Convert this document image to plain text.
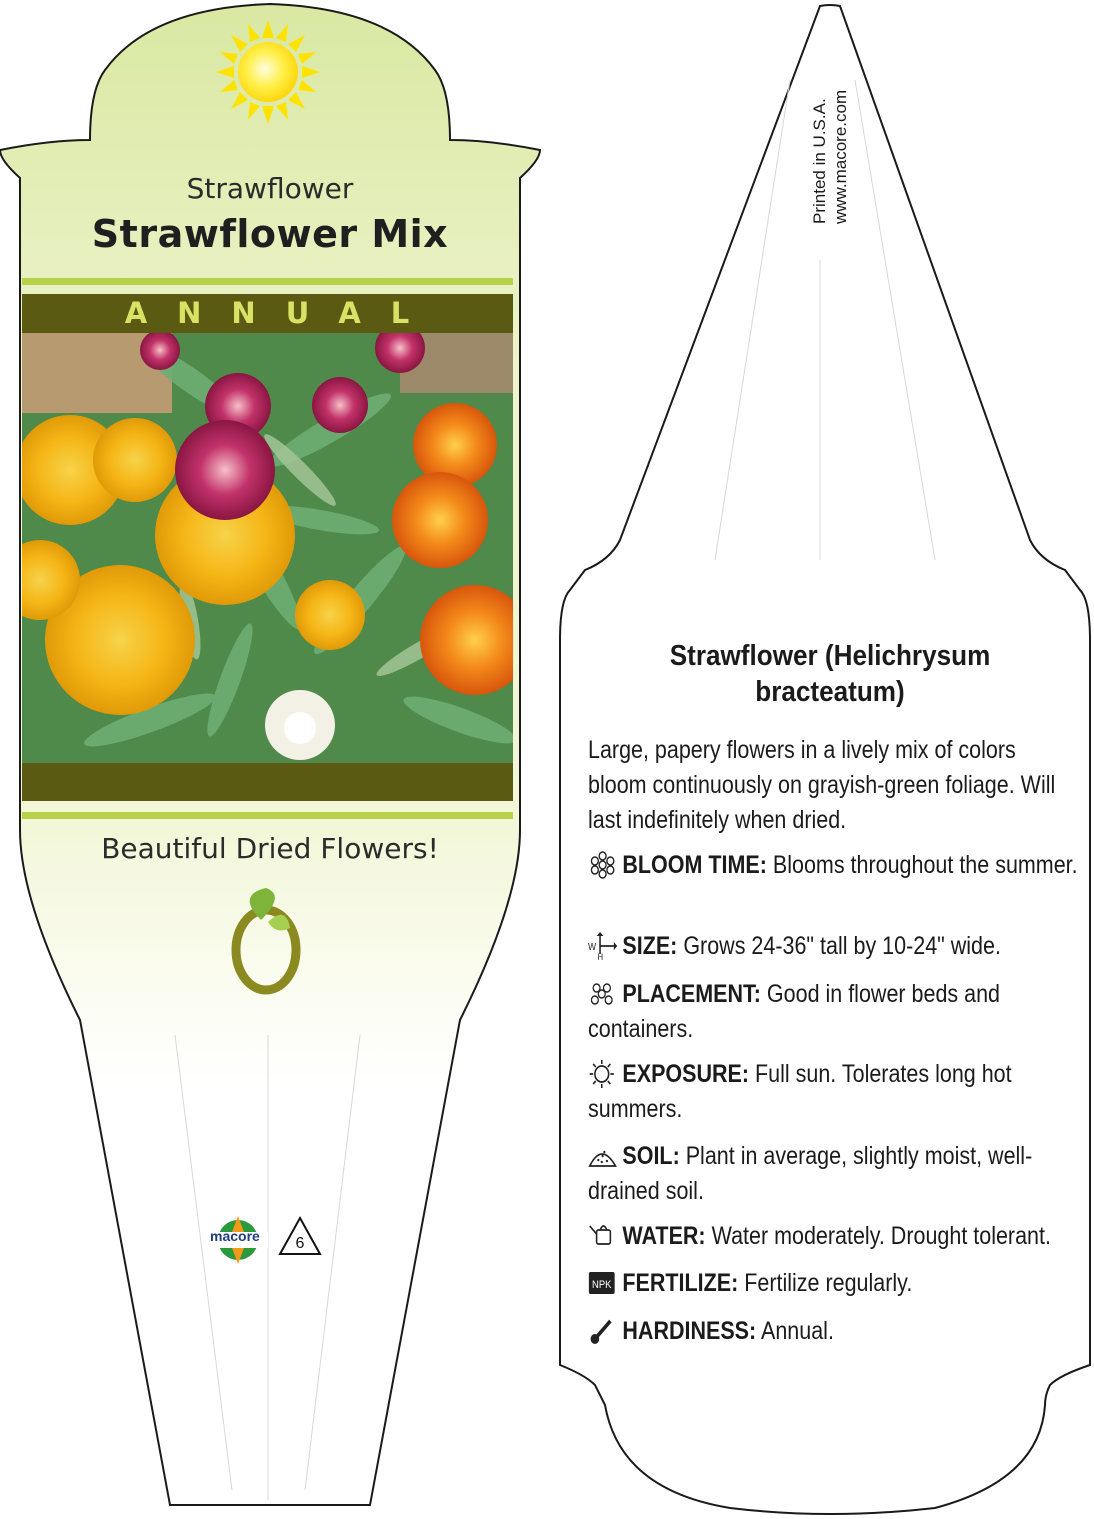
Strawflower
Strawflower Mix
ANNUAL
Beautiful Dried Flowers!
macore 6
Printed in U.S.A. www.macore.com
Strawflower (Helichrysum bracteatum)
Large, papery flowers in a lively mix of colors bloom continuously on grayish-green foliage. Will last indefinitely when dried.
BLOOM TIME: Blooms throughout the summer.
W
H SIZE: Grows 24-36" tall by 10-24" wide.
PLACEMENT: Good in flower beds and containers.
EXPOSURE: Full sun. Tolerates long hot summers.
SOIL: Plant in average, slightly moist, well-drained soil.
WATER: Water moderately. Drought tolerant.
NPK FERTILIZE: Fertilize regularly.
HARDINESS: Annual.
